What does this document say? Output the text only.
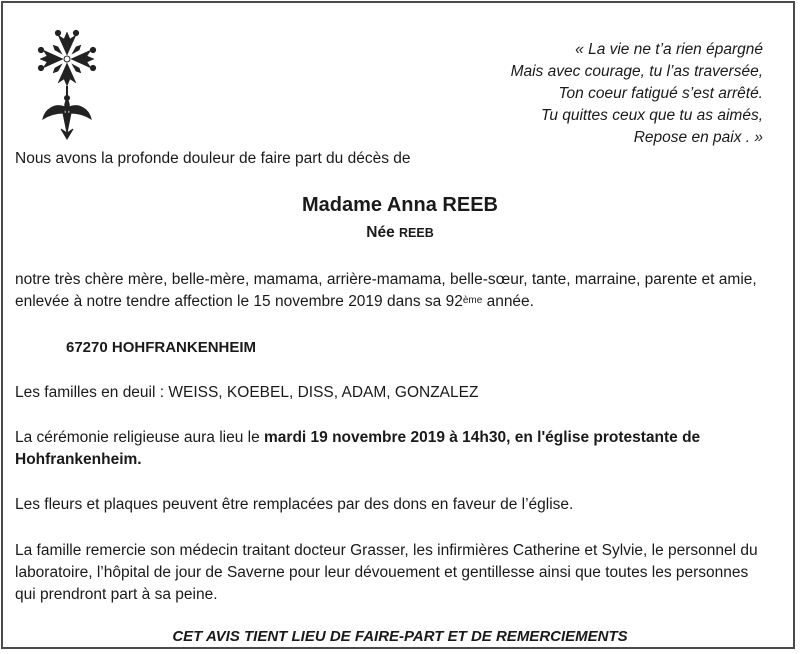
« La vie ne t’a rien épargné
Mais avec courage, tu l’as traversée,
Ton coeur fatigué s’est arrêté.
Tu quittes ceux que tu as aimés,
Repose en paix . »

Nous avons la profonde douleur de faire part du décès de

Madame Anna REEB
Née REEB

notre très chère mère, belle-mère, mamama, arrière-mamama, belle-sœur, tante, marraine, parente et amie, enlevée à notre tendre affection le 15 novembre 2019 dans sa 92ème année.

67270 HOHFRANKENHEIM

Les familles en deuil : WEISS, KOEBEL, DISS, ADAM, GONZALEZ

La cérémonie religieuse aura lieu le mardi 19 novembre 2019 à 14h30, en l'église protestante de Hohfrankenheim.

Les fleurs et plaques peuvent être remplacées par des dons en faveur de l’église.

La famille remercie son médecin traitant docteur Grasser, les infirmières Catherine et Sylvie, le personnel du laboratoire, l’hôpital de jour de Saverne pour leur dévouement et gentillesse ainsi que toutes les personnes qui prendront part à sa peine.

CET AVIS TIENT LIEU DE FAIRE-PART ET DE REMERCIEMENTS
